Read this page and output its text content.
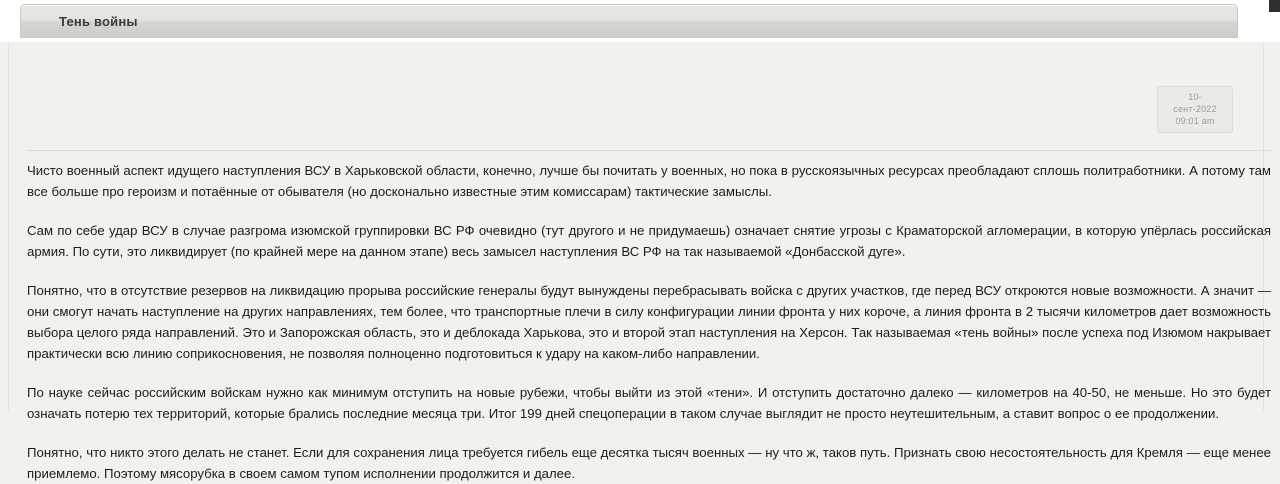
Тень войны
10-
сент-2022
09:01 am

Чисто военный аспект идущего наступления ВСУ в Харьковской области, конечно, лучше бы почитать у военных, но пока в русскоязычных ресурсах преобладают сплошь политработники. А потому там все больше про героизм и потаённые от обывателя (но досконально известные этим комиссарам) тактические замыслы.

Сам по себе удар ВСУ в случае разгрома изюмской группировки ВС РФ очевидно (тут другого и не придумаешь) означает снятие угрозы с Краматорской агломерации, в которую упёрлась российская армия. По сути, это ликвидирует (по крайней мере на данном этапе) весь замысел наступления ВС РФ на так называемой «Донбасской дуге».

Понятно, что в отсутствие резервов на ликвидацию прорыва российские генералы будут вынуждены перебрасывать войска с других участков, где перед ВСУ откроются новые возможности. А значит — они смогут начать наступление на других направлениях, тем более, что транспортные плечи в силу конфигурации линии фронта у них короче, а линия фронта в 2 тысячи километров дает возможность выбора целого ряда направлений. Это и Запорожская область, это и деблокада Харькова, это и второй этап наступления на Херсон. Так называемая «тень войны» после успеха под Изюмом накрывает практически всю линию соприкосновения, не позволяя полноценно подготовиться к удару на каком-либо направлении.

По науке сейчас российским войскам нужно как минимум отступить на новые рубежи, чтобы выйти из этой «тени». И отступить достаточно далеко — километров на 40-50, не меньше. Но это будет означать потерю тех территорий, которые брались последние месяца три. Итог 199 дней спецоперации в таком случае выглядит не просто неутешительным, а ставит вопрос о ее продолжении.

Понятно, что никто этого делать не станет. Если для сохранения лица требуется гибель еще десятка тысяч военных — ну что ж, таков путь. Признать свою несостоятельность для Кремля — еще менее приемлемо. Поэтому мясорубка в своем самом тупом исполнении продолжится и далее.
